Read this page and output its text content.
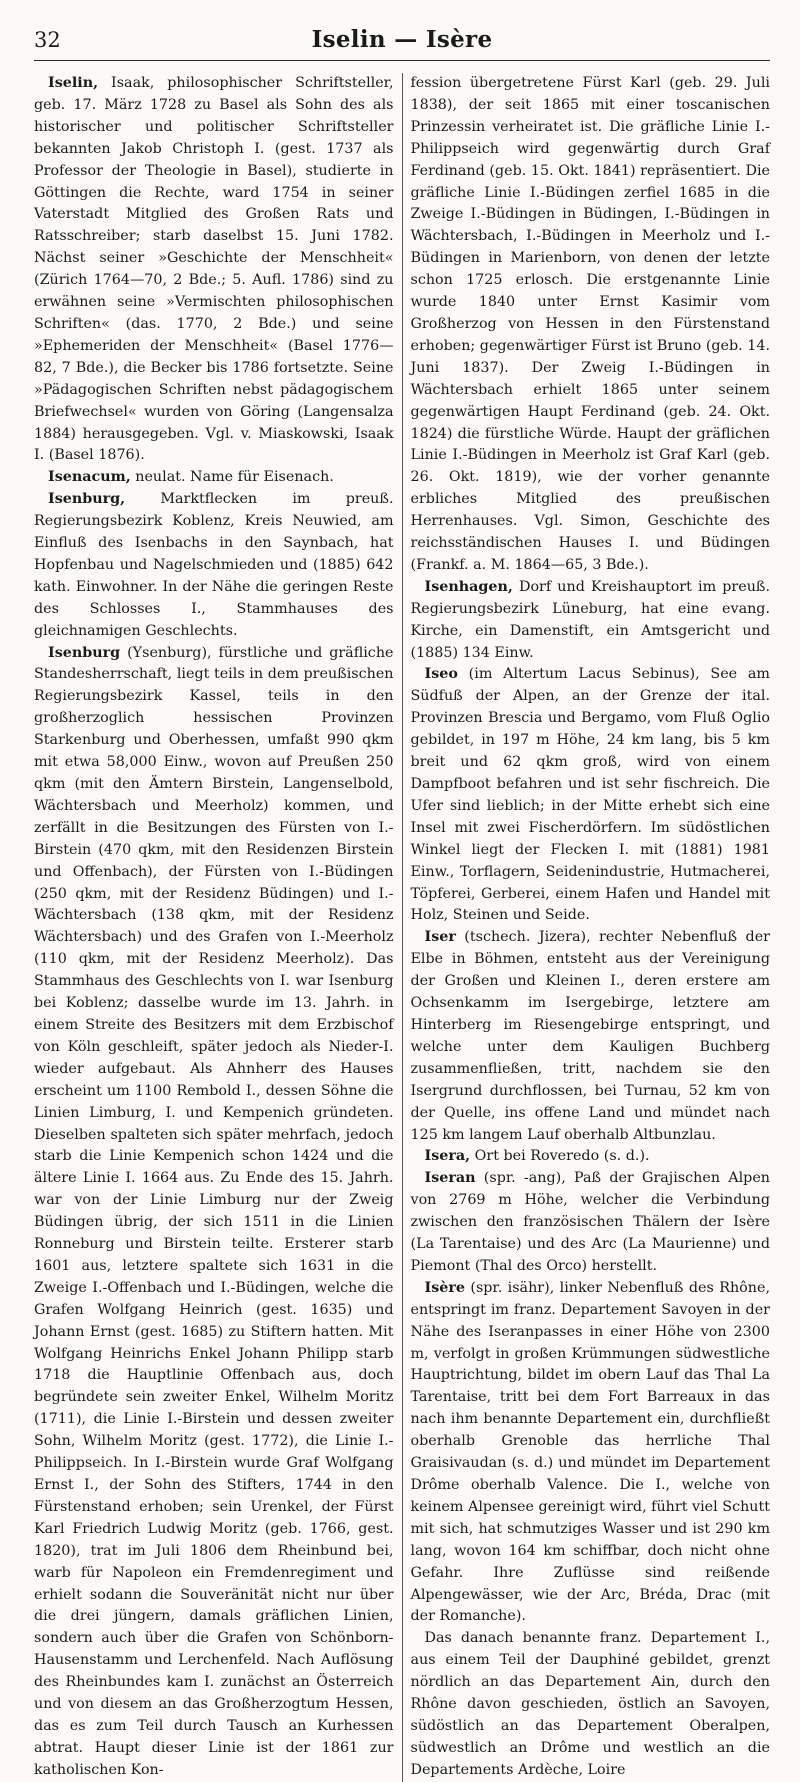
32	Iselin — Isère

Iselin, Isaak, philosophischer Schriftsteller, geb. 17. März 1728 zu Basel als Sohn des als historischer und politischer Schriftsteller bekannten Jakob Christoph I. (gest. 1737 als Professor der Theologie in Basel), studierte in Göttingen die Rechte, ward 1754 in seiner Vaterstadt Mitglied des Großen Rats und Ratsschreiber; starb daselbst 15. Juni 1782. Nächst seiner »Geschichte der Menschheit« (Zürich 1764—70, 2 Bde.; 5. Aufl. 1786) sind zu erwähnen seine »Vermischten philosophischen Schriften« (das. 1770, 2 Bde.) und seine »Ephemeriden der Menschheit« (Basel 1776—82, 7 Bde.), die Becker bis 1786 fortsetzte. Seine »Pädagogischen Schriften nebst pädagogischem Briefwechsel« wurden von Göring (Langensalza 1884) herausgegeben. Vgl. v. Miaskowski, Isaak I. (Basel 1876).

Isenacum, neulat. Name für Eisenach.

Isenburg, Marktflecken im preuß. Regierungsbezirk Koblenz, Kreis Neuwied, am Einfluß des Isenbachs in den Saynbach, hat Hopfenbau und Nagelschmieden und (1885) 642 kath. Einwohner. In der Nähe die geringen Reste des Schlosses I., Stammhauses des gleichnamigen Geschlechts.

Isenburg (Ysenburg), fürstliche und gräfliche Standesherrschaft, liegt teils in dem preußischen Regierungsbezirk Kassel, teils in den großherzoglich hessischen Provinzen Starkenburg und Oberhessen, umfaßt 990 qkm mit etwa 58,000 Einw., wovon auf Preußen 250 qkm (mit den Ämtern Birstein, Langenselbold, Wächtersbach und Meerholz) kommen, und zerfällt in die Besitzungen des Fürsten von I.-Birstein (470 qkm, mit den Residenzen Birstein und Offenbach), der Fürsten von I.-Büdingen (250 qkm, mit der Residenz Büdingen) und I.-Wächtersbach (138 qkm, mit der Residenz Wächtersbach) und des Grafen von I.-Meerholz (110 qkm, mit der Residenz Meerholz). Das Stammhaus des Geschlechts von I. war Isenburg bei Koblenz; dasselbe wurde im 13. Jahrh. in einem Streite des Besitzers mit dem Erzbischof von Köln geschleift, später jedoch als Nieder-I. wieder aufgebaut. Als Ahnherr des Hauses erscheint um 1100 Rembold I., dessen Söhne die Linien Limburg, I. und Kempenich gründeten. Dieselben spalteten sich später mehrfach, jedoch starb die Linie Kempenich schon 1424 und die ältere Linie I. 1664 aus. Zu Ende des 15. Jahrh. war von der Linie Limburg nur der Zweig Büdingen übrig, der sich 1511 in die Linien Ronneburg und Birstein teilte. Ersterer starb 1601 aus, letztere spaltete sich 1631 in die Zweige I.-Offenbach und I.-Büdingen, welche die Grafen Wolfgang Heinrich (gest. 1635) und Johann Ernst (gest. 1685) zu Stiftern hatten. Mit Wolfgang Heinrichs Enkel Johann Philipp starb 1718 die Hauptlinie Offenbach aus, doch begründete sein zweiter Enkel, Wilhelm Moritz (1711), die Linie I.-Birstein und dessen zweiter Sohn, Wilhelm Moritz (gest. 1772), die Linie I.-Philippseich. In I.-Birstein wurde Graf Wolfgang Ernst I., der Sohn des Stifters, 1744 in den Fürstenstand erhoben; sein Urenkel, der Fürst Karl Friedrich Ludwig Moritz (geb. 1766, gest. 1820), trat im Juli 1806 dem Rheinbund bei, warb für Napoleon ein Fremdenregiment und erhielt sodann die Souveränität nicht nur über die drei jüngern, damals gräflichen Linien, sondern auch über die Grafen von Schönborn-Hausenstamm und Lerchenfeld. Nach Auflösung des Rheinbundes kam I. zunächst an Österreich und von diesem an das Großherzogtum Hessen, das es zum Teil durch Tausch an Kurhessen abtrat. Haupt dieser Linie ist der 1861 zur katholischen Kon-

fession übergetretene Fürst Karl (geb. 29. Juli 1838), der seit 1865 mit einer toscanischen Prinzessin verheiratet ist. Die gräfliche Linie I.-Philippseich wird gegenwärtig durch Graf Ferdinand (geb. 15. Okt. 1841) repräsentiert. Die gräfliche Linie I.-Büdingen zerfiel 1685 in die Zweige I.-Büdingen in Büdingen, I.-Büdingen in Wächtersbach, I.-Büdingen in Meerholz und I.-Büdingen in Marienborn, von denen der letzte schon 1725 erlosch. Die erstgenannte Linie wurde 1840 unter Ernst Kasimir vom Großherzog von Hessen in den Fürstenstand erhoben; gegenwärtiger Fürst ist Bruno (geb. 14. Juni 1837). Der Zweig I.-Büdingen in Wächtersbach erhielt 1865 unter seinem gegenwärtigen Haupt Ferdinand (geb. 24. Okt. 1824) die fürstliche Würde. Haupt der gräflichen Linie I.-Büdingen in Meerholz ist Graf Karl (geb. 26. Okt. 1819), wie der vorher genannte erbliches Mitglied des preußischen Herrenhauses. Vgl. Simon, Geschichte des reichsständischen Hauses I. und Büdingen (Frankf. a. M. 1864—65, 3 Bde.).

Isenhagen, Dorf und Kreishauptort im preuß. Regierungsbezirk Lüneburg, hat eine evang. Kirche, ein Damenstift, ein Amtsgericht und (1885) 134 Einw.

Iseo (im Altertum Lacus Sebinus), See am Südfuß der Alpen, an der Grenze der ital. Provinzen Brescia und Bergamo, vom Fluß Oglio gebildet, in 197 m Höhe, 24 km lang, bis 5 km breit und 62 qkm groß, wird von einem Dampfboot befahren und ist sehr fischreich. Die Ufer sind lieblich; in der Mitte erhebt sich eine Insel mit zwei Fischerdörfern. Im südöstlichen Winkel liegt der Flecken I. mit (1881) 1981 Einw., Torflagern, Seidenindustrie, Hutmacherei, Töpferei, Gerberei, einem Hafen und Handel mit Holz, Steinen und Seide.

Iser (tschech. Jizera), rechter Nebenfluß der Elbe in Böhmen, entsteht aus der Vereinigung der Großen und Kleinen I., deren erstere am Ochsenkamm im Isergebirge, letztere am Hinterberg im Riesengebirge entspringt, und welche unter dem Kauligen Buchberg zusammenfließen, tritt, nachdem sie den Isergrund durchflossen, bei Turnau, 52 km von der Quelle, ins offene Land und mündet nach 125 km langem Lauf oberhalb Altbunzlau.

Isera, Ort bei Roveredo (s. d.).

Iseran (spr. -ang), Paß der Grajischen Alpen von 2769 m Höhe, welcher die Verbindung zwischen den französischen Thälern der Isère (La Tarentaise) und des Arc (La Maurienne) und Piemont (Thal des Orco) herstellt.

Isère (spr. isähr), linker Nebenfluß des Rhône, entspringt im franz. Departement Savoyen in der Nähe des Iseranpasses in einer Höhe von 2300 m, verfolgt in großen Krümmungen südwestliche Hauptrichtung, bildet im obern Lauf das Thal La Tarentaise, tritt bei dem Fort Barreaux in das nach ihm benannte Departement ein, durchfließt oberhalb Grenoble das herrliche Thal Graisivaudan (s. d.) und mündet im Departement Drôme oberhalb Valence. Die I., welche von keinem Alpensee gereinigt wird, führt viel Schutt mit sich, hat schmutziges Wasser und ist 290 km lang, wovon 164 km schiffbar, doch nicht ohne Gefahr. Ihre Zuflüsse sind reißende Alpengewässer, wie der Arc, Bréda, Drac (mit der Romanche).

Das danach benannte franz. Departement I., aus einem Teil der Dauphiné gebildet, grenzt nördlich an das Departement Ain, durch den Rhône davon geschieden, östlich an Savoyen, südöstlich an das Departement Oberalpen, südwestlich an Drôme und westlich an die Departements Ardèche, Loire
